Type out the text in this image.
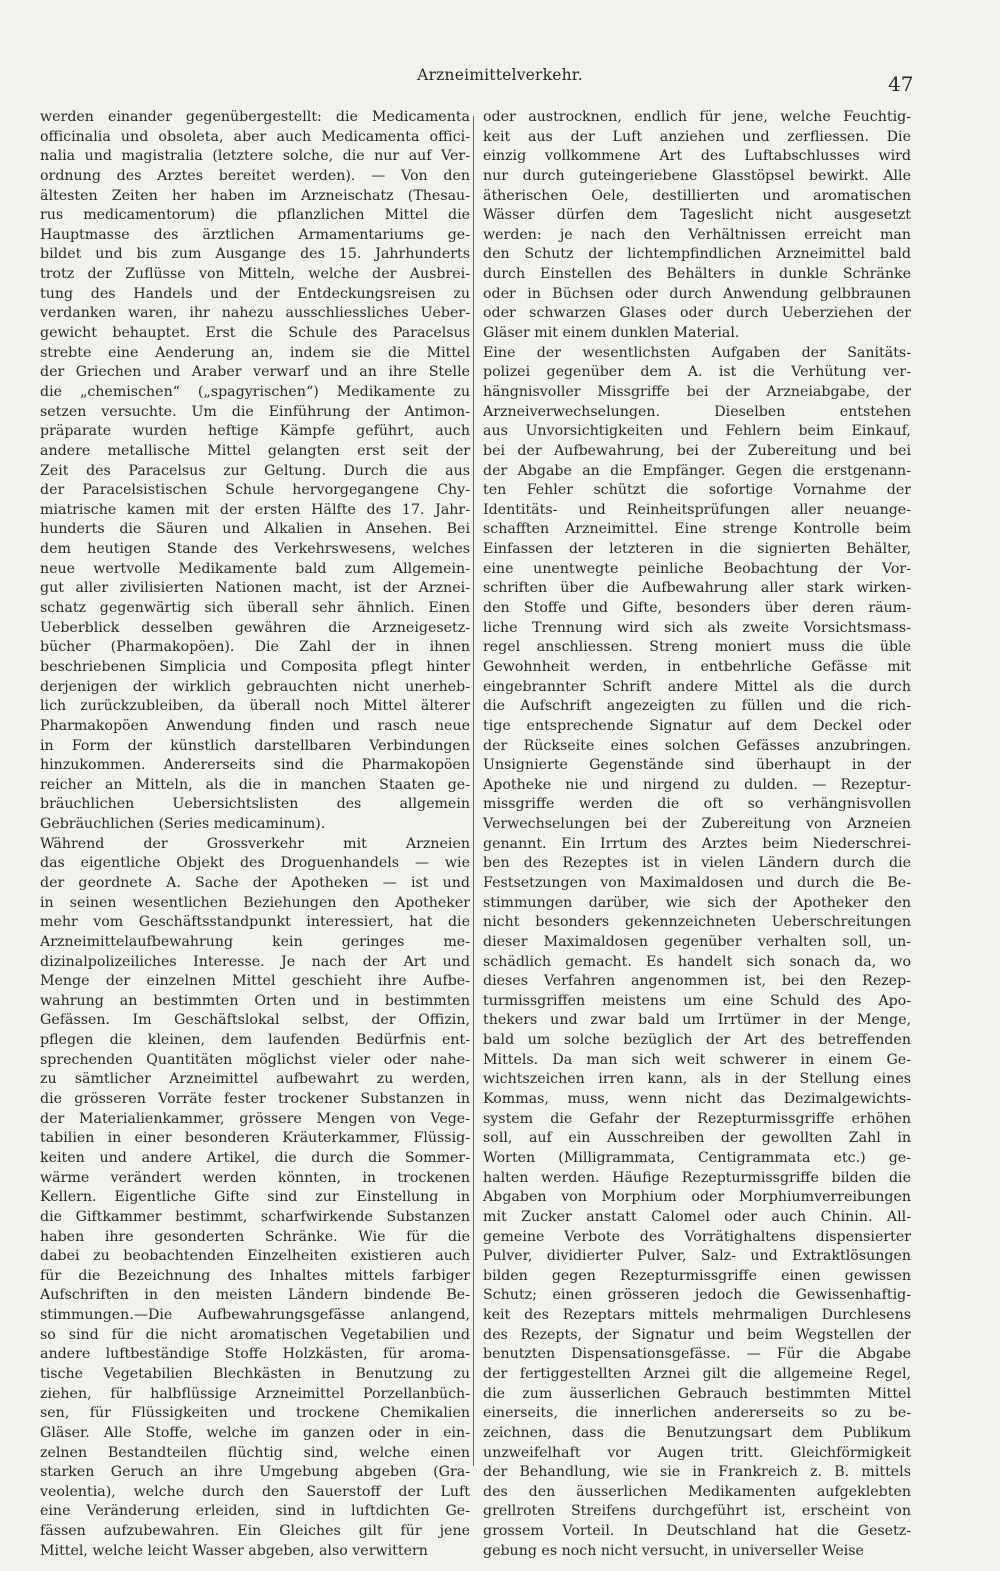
Arzneimittelverkehr.	47
werden einander gegenübergestellt: die Medicamenta
officinalia und obsoleta, aber auch Medicamenta offici-
nalia und magistralia (letztere solche, die nur auf Ver-
ordnung des Arztes bereitet werden). — Von den
ältesten Zeiten her haben im Arzneischatz (Thesau-
rus medicamentorum) die pflanzlichen Mittel die
Hauptmasse des ärztlichen Armamentariums ge-
bildet und bis zum Ausgange des 15. Jahrhunderts
trotz der Zuflüsse von Mitteln, welche der Ausbrei-
tung des Handels und der Entdeckungsreisen zu
verdanken waren, ihr nahezu ausschliessliches Ueber-
gewicht behauptet. Erst die Schule des Paracelsus
strebte eine Aenderung an, indem sie die Mittel
der Griechen und Araber verwarf und an ihre Stelle
die „chemischen“ („spagyrischen“) Medikamente zu
setzen versuchte. Um die Einführung der Antimon-
präparate wurden heftige Kämpfe geführt, auch
andere metallische Mittel gelangten erst seit der
Zeit des Paracelsus zur Geltung. Durch die aus
der Paracelsistischen Schule hervorgegangene Chy-
miatrische kamen mit der ersten Hälfte des 17. Jahr-
hunderts die Säuren und Alkalien in Ansehen. Bei
dem heutigen Stande des Verkehrswesens, welches
neue wertvolle Medikamente bald zum Allgemein-
gut aller zivilisierten Nationen macht, ist der Arznei-
schatz gegenwärtig sich überall sehr ähnlich. Einen
Ueberblick desselben gewähren die Arzneigesetz-
bücher (Pharmakopöen). Die Zahl der in ihnen
beschriebenen Simplicia und Composita pflegt hinter
derjenigen der wirklich gebrauchten nicht unerheb-
lich zurückzubleiben, da überall noch Mittel älterer
Pharmakopöen Anwendung finden und rasch neue
in Form der künstlich darstellbaren Verbindungen
hinzukommen. Andererseits sind die Pharmakopöen
reicher an Mitteln, als die in manchen Staaten ge-
bräuchlichen Uebersichtslisten des allgemein
Gebräuchlichen (Series medicaminum).
Während der Grossverkehr mit Arzneien
das eigentliche Objekt des Droguenhandels — wie
der geordnete A. Sache der Apotheken — ist und
in seinen wesentlichen Beziehungen den Apotheker
mehr vom Geschäftsstandpunkt interessiert, hat die
Arzneimittelaufbewahrung kein geringes me-
dizinalpolizeiliches Interesse. Je nach der Art und
Menge der einzelnen Mittel geschieht ihre Aufbe-
wahrung an bestimmten Orten und in bestimmten
Gefässen. Im Geschäftslokal selbst, der Offizin,
pflegen die kleinen, dem laufenden Bedürfnis ent-
sprechenden Quantitäten möglichst vieler oder nahe-
zu sämtlicher Arzneimittel aufbewahrt zu werden,
die grösseren Vorräte fester trockener Substanzen in
der Materialienkammer, grössere Mengen von Vege-
tabilien in einer besonderen Kräuterkammer, Flüssig-
keiten und andere Artikel, die durch die Sommer-
wärme verändert werden könnten, in trockenen
Kellern. Eigentliche Gifte sind zur Einstellung in
die Giftkammer bestimmt, scharfwirkende Substanzen
haben ihre gesonderten Schränke. Wie für die
dabei zu beobachtenden Einzelheiten existieren auch
für die Bezeichnung des Inhaltes mittels farbiger
Aufschriften in den meisten Ländern bindende Be-
stimmungen.—Die Aufbewahrungsgefässe anlangend,
so sind für die nicht aromatischen Vegetabilien und
andere luftbeständige Stoffe Holzkästen, für aroma-
tische Vegetabilien Blechkästen in Benutzung zu
ziehen, für halbflüssige Arzneimittel Porzellanbüch-
sen, für Flüssigkeiten und trockene Chemikalien
Gläser. Alle Stoffe, welche im ganzen oder in ein-
zelnen Bestandteilen flüchtig sind, welche einen
starken Geruch an ihre Umgebung abgeben (Gra-
veolentia), welche durch den Sauerstoff der Luft
eine Veränderung erleiden, sind in luftdichten Ge-
fässen aufzubewahren. Ein Gleiches gilt für jene
Mittel, welche leicht Wasser abgeben, also verwittern
oder austrocknen, endlich für jene, welche Feuchtig-
keit aus der Luft anziehen und zerfliessen. Die
einzig vollkommene Art des Luftabschlusses wird
nur durch guteingeriebene Glasstöpsel bewirkt. Alle
ätherischen Oele, destillierten und aromatischen
Wässer dürfen dem Tageslicht nicht ausgesetzt
werden: je nach den Verhältnissen erreicht man
den Schutz der lichtempfindlichen Arzneimittel bald
durch Einstellen des Behälters in dunkle Schränke
oder in Büchsen oder durch Anwendung gelbbraunen
oder schwarzen Glases oder durch Ueberziehen der
Gläser mit einem dunklen Material.
Eine der wesentlichsten Aufgaben der Sanitäts-
polizei gegenüber dem A. ist die Verhütung ver-
hängnisvoller Missgriffe bei der Arzneiabgabe, der
Arzneiverwechselungen. Dieselben entstehen
aus Unvorsichtigkeiten und Fehlern beim Einkauf,
bei der Aufbewahrung, bei der Zubereitung und bei
der Abgabe an die Empfänger. Gegen die erstgenann-
ten Fehler schützt die sofortige Vornahme der
Identitäts- und Reinheitsprüfungen aller neuange-
schafften Arzneimittel. Eine strenge Kontrolle beim
Einfassen der letzteren in die signierten Behälter,
eine unentwegte peinliche Beobachtung der Vor-
schriften über die Aufbewahrung aller stark wirken-
den Stoffe und Gifte, besonders über deren räum-
liche Trennung wird sich als zweite Vorsichtsmass-
regel anschliessen. Streng moniert muss die üble
Gewohnheit werden, in entbehrliche Gefässe mit
eingebrannter Schrift andere Mittel als die durch
die Aufschrift angezeigten zu füllen und die rich-
tige entsprechende Signatur auf dem Deckel oder
der Rückseite eines solchen Gefässes anzubringen.
Unsignierte Gegenstände sind überhaupt in der
Apotheke nie und nirgend zu dulden. — Rezeptur-
missgriffe werden die oft so verhängnisvollen
Verwechselungen bei der Zubereitung von Arzneien
genannt. Ein Irrtum des Arztes beim Niederschrei-
ben des Rezeptes ist in vielen Ländern durch die
Festsetzungen von Maximaldosen und durch die Be-
stimmungen darüber, wie sich der Apotheker den
nicht besonders gekennzeichneten Ueberschreitungen
dieser Maximaldosen gegenüber verhalten soll, un-
schädlich gemacht. Es handelt sich sonach da, wo
dieses Verfahren angenommen ist, bei den Rezep-
turmissgriffen meistens um eine Schuld des Apo-
thekers und zwar bald um Irrtümer in der Menge,
bald um solche bezüglich der Art des betreffenden
Mittels. Da man sich weit schwerer in einem Ge-
wichtszeichen irren kann, als in der Stellung eines
Kommas, muss, wenn nicht das Dezimalgewichts-
system die Gefahr der Rezepturmissgriffe erhöhen
soll, auf ein Ausschreiben der gewollten Zahl in
Worten (Milligrammata, Centigrammata etc.) ge-
halten werden. Häufige Rezepturmissgriffe bilden die
Abgaben von Morphium oder Morphiumverreibungen
mit Zucker anstatt Calomel oder auch Chinin. All-
gemeine Verbote des Vorrätighaltens dispensierter
Pulver, dividierter Pulver, Salz- und Extraktlösungen
bilden gegen Rezepturmissgriffe einen gewissen
Schutz; einen grösseren jedoch die Gewissenhaftig-
keit des Rezeptars mittels mehrmaligen Durchlesens
des Rezepts, der Signatur und beim Wegstellen der
benutzten Dispensationsgefässe. — Für die Abgabe
der fertiggestellten Arznei gilt die allgemeine Regel,
die zum äusserlichen Gebrauch bestimmten Mittel
einerseits, die innerlichen andererseits so zu be-
zeichnen, dass die Benutzungsart dem Publikum
unzweifelhaft vor Augen tritt. Gleichförmigkeit
der Behandlung, wie sie in Frankreich z. B. mittels
des den äusserlichen Medikamenten aufgeklebten
grellroten Streifens durchgeführt ist, erscheint von
grossem Vorteil. In Deutschland hat die Gesetz-
gebung es noch nicht versucht, in universeller Weise
